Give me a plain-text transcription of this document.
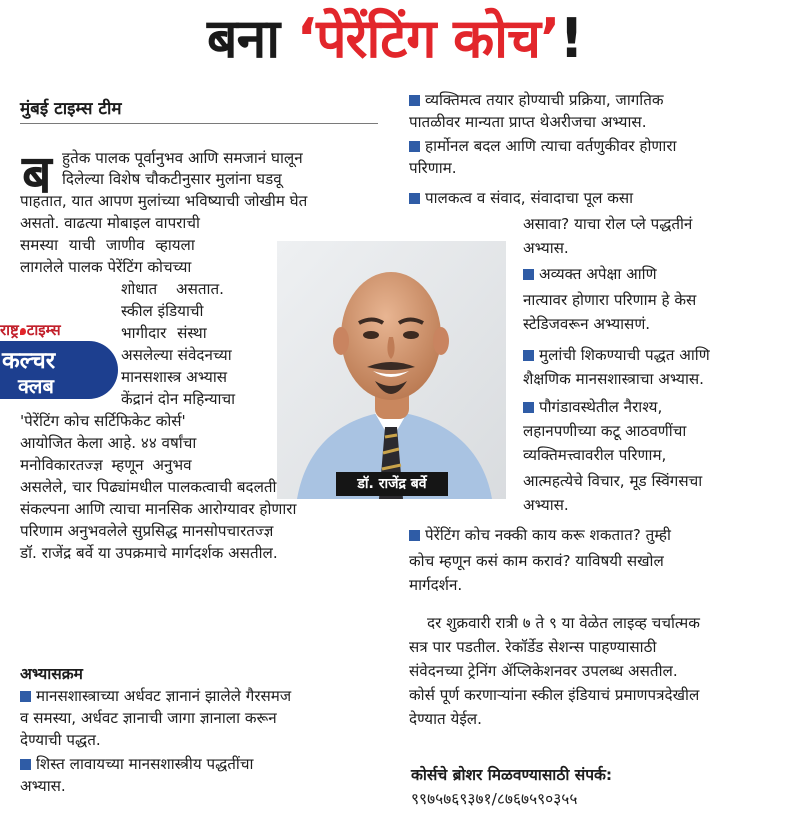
बना ‘पेरेंटिंग कोच’!
मुंबई टाइम्स टीम
ब हुतेक पालक पूर्वानुभव आणि समजानं घालून
दिलेल्या विशेष चौकटीनुसार मुलांना घडवू
पाहतात, यात आपण मुलांच्या भविष्याची जोखीम घेत
असतो. वाढत्या मोबाइल वापराची
समस्या याची जाणीव व्हायला
लागलेले पालक पेरेंटिंग कोचच्या
शोधात असतात.
स्कील इंडियाची
भागीदार संस्था
असलेल्या संवेदनच्या
मानसशास्त्र अभ्यास
केंद्रानं दोन महिन्याचा
'पेरेंटिंग कोच सर्टिफिकेट कोर्स'
आयोजित केला आहे. ४४ वर्षांचा
मनोविकारतज्ज्ञ म्हणून अनुभव
असलेले, चार पिढ्यांमधील पालकत्वाची बदलती
संकल्पना आणि त्याचा मानसिक आरोग्यावर होणारा
परिणाम अनुभवलेले सुप्रसिद्ध मानसोपचारतज्ज्ञ
डॉ. राजेंद्र बर्वे या उपक्रमाचे मार्गदर्शक असतील.
राष्ट्र टाइम्स
कल्चर
क्लब
डॉ. राजेंद्र बर्वे
अभ्यासक्रम
मानसशास्त्राच्या अर्धवट ज्ञानानं झालेले गैरसमज
व समस्या, अर्धवट ज्ञानाची जागा ज्ञानाला करून
देण्याची पद्धत.
शिस्त लावायच्या मानसशास्त्रीय पद्धतींचा
अभ्यास.
व्यक्तिमत्व तयार होण्याची प्रक्रिया, जागतिक
पातळीवर मान्यता प्राप्त थेअरीजचा अभ्यास.
हार्मोनल बदल आणि त्याचा वर्तणुकीवर होणारा
परिणाम.
पालकत्व व संवाद, संवादाचा पूल कसा
असावा? याचा रोल प्ले पद्धतीनं
अभ्यास.
अव्यक्त अपेक्षा आणि
नात्यावर होणारा परिणाम हे केस
स्टेडिजवरून अभ्यासणं.
मुलांची शिकण्याची पद्धत आणि
शैक्षणिक मानसशास्त्राचा अभ्यास.
पौगंडावस्थेतील नैराश्य,
लहानपणीच्या कटू आठवणींचा
व्यक्तिमत्त्वावरील परिणाम,
आत्महत्येचे विचार, मूड स्विंगसचा
अभ्यास.
पेरेंटिंग कोच नक्की काय करू शकतात? तुम्ही
कोच म्हणून कसं काम करावं? याविषयी सखोल
मार्गदर्शन.
दर शुक्रवारी रात्री ७ ते ९ या वेळेत लाइव्ह चर्चात्मक
सत्र पार पडतील. रेकॉर्डेड सेशन्स पाहण्यासाठी
संवेदनच्या ट्रेनिंग ॲप्लिकेशनवर उपलब्ध असतील.
कोर्स पूर्ण करणाऱ्यांना स्कील इंडियाचं प्रमाणपत्रदेखील
देण्यात येईल.
कोर्सचे ब्रोशर मिळवण्यासाठी संपर्क:
९९७५७६९३७१/८७६७५९०३५५
